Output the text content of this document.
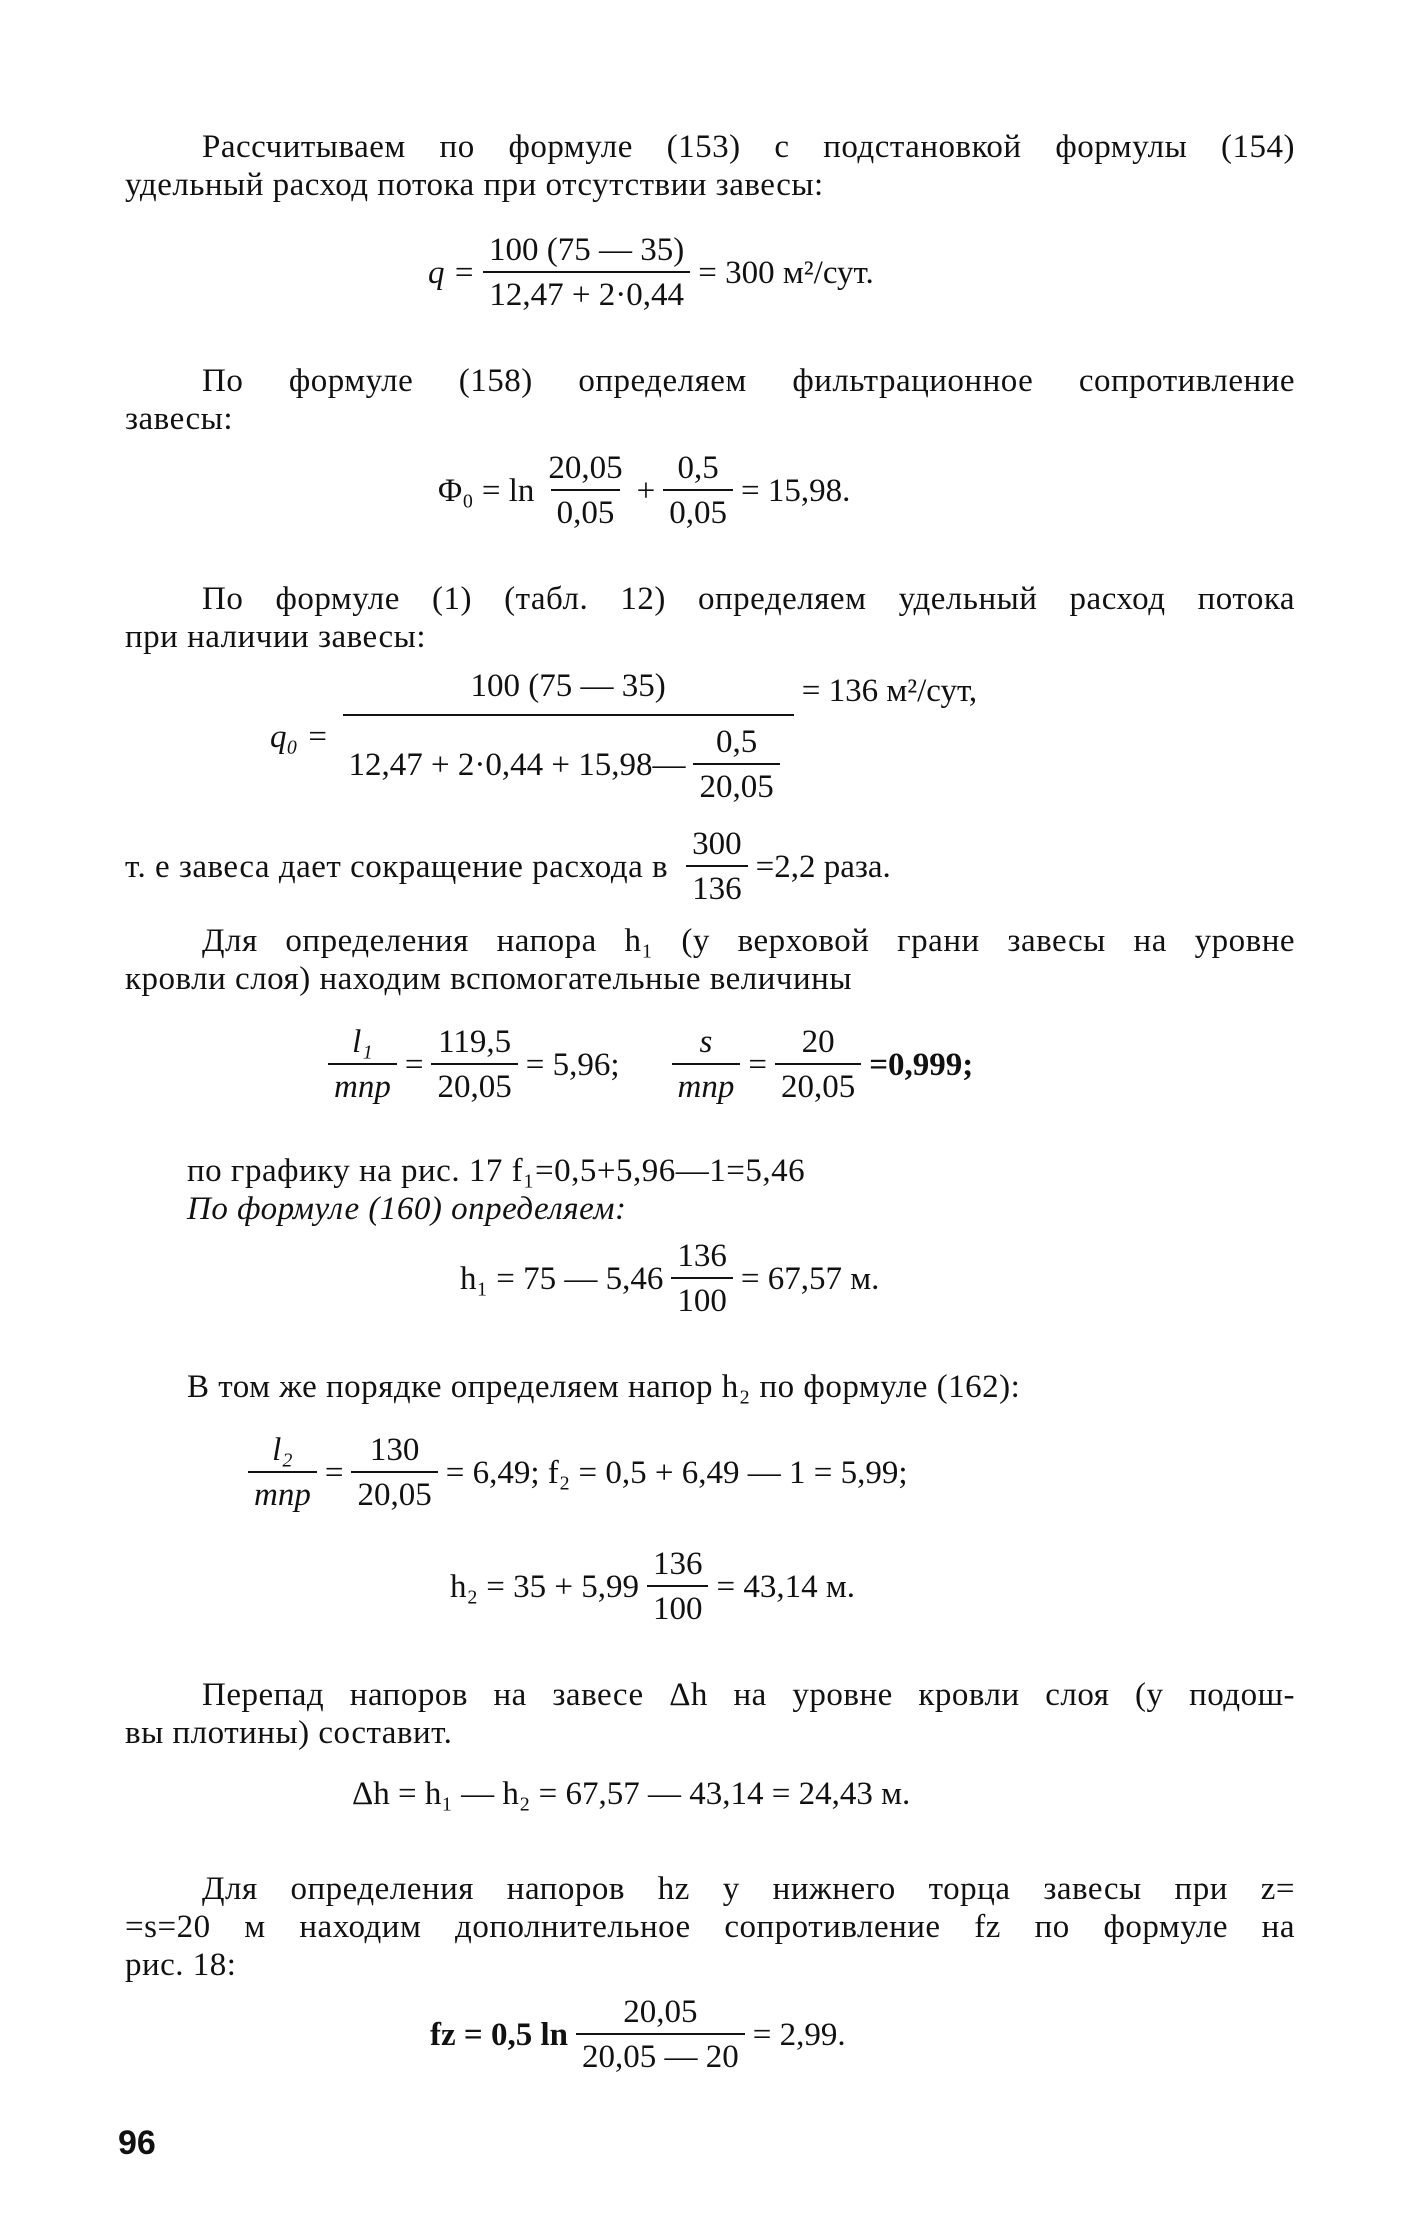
Рассчитываем по формуле (153) с подстановкой формулы (154)
удельный расход потока при отсутствии завесы:
$q = \frac{100 (75 — 35)}{12,47 + 2\cdot 0,44} = 300$ м²/сут.
По формуле (158) определяем фильтрационное сопротивление
завесы:
$\Phi_0 = \ln \frac{20,05}{0,05} + \frac{0,5}{0,05} = 15,98$.
По формуле (1) (табл. 12) определяем удельный расход потока
при наличии завесы:
q₀ =
100 (75 — 35)
12,47 + 2·0,44 + 15,98— $\frac{0,5}{20,05}$
= 136 м²/сут,
т. е завеса дает сокращение расхода в $\frac{300}{136} =2,2$ раза.
Для определения напора h₁ (у верховой грани завесы на уровне
кровли слоя) находим вспомогательные величины
$\frac{\text{l₁}}{\text{mпр}} = \frac{119,5}{20,05} = 5,96$; $\frac{s}{\text{mпр}} = \frac{20}{20,05} =0,999$;
по графику на рис. 17 f₁=0,5+5,96—1=5,46
По формуле (160) определяем:
h₁ = 75 — $5,46 \frac{136}{100} = 67,57$ м.
В том же порядке определяем напор h₂ по формуле (162):
$\frac{\text{l₂}}{\text{mпр}} = \frac{130}{20,05} = 6,49$; f₂ = 0,5 + 6,49 — 1 = 5,99;
$h_2 = 35 + 5,99 \frac{136}{100} = 43,14$ м.
Перепад напоров на завесе Δh на уровне кровли слоя (у подош-
вы плотины) составит.
Δh = h₁ — h₂ = 67,57 — 43,14 = 24,43 м.
Для определения напоров hz у нижнего торца завесы при z=
=s=20 м находим дополнительное сопротивление fz по формуле на
рис. 18:
fz = 0,5 $\ln \frac{20,05}{20,05 — 20} = 2,99$.
96
